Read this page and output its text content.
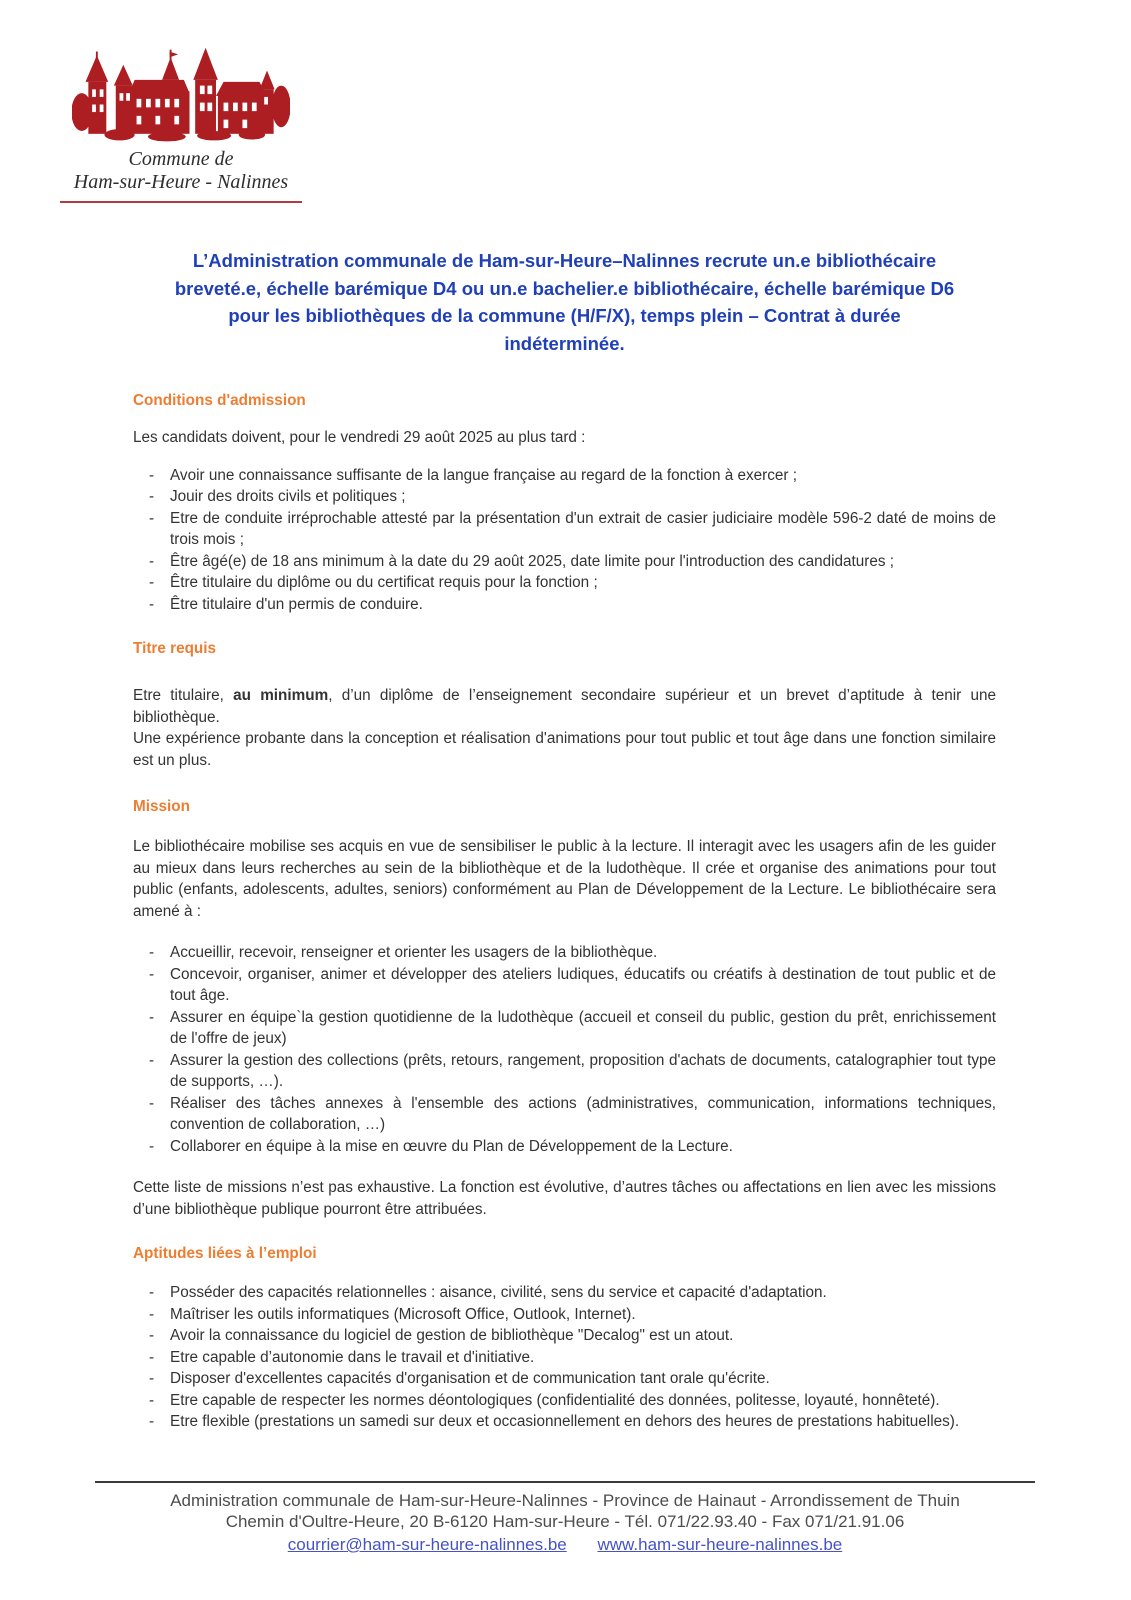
Commune de
Ham-sur-Heure - Nalinnes
L’Administration communale de Ham-sur-Heure–Nalinnes recrute un.e bibliothécaire
breveté.e, échelle barémique D4 ou un.e bachelier.e bibliothécaire, échelle barémique D6
pour les bibliothèques de la commune (H/F/X), temps plein – Contrat à durée
indéterminée.
Conditions d'admission

Les candidats doivent, pour le vendredi 29 août 2025 au plus tard :

- Avoir une connaissance suffisante de la langue française au regard de la fonction à exercer ;
- Jouir des droits civils et politiques ;
- Etre de conduite irréprochable attesté par la présentation d'un extrait de casier judiciaire modèle 596-2 daté de moins de trois mois ;
- Être âgé(e) de 18 ans minimum à la date du 29 août 2025, date limite pour l'introduction des candidatures ;
- Être titulaire du diplôme ou du certificat requis pour la fonction ;
- Être titulaire d'un permis de conduire.
Titre requis

Etre titulaire, au minimum, d’un diplôme de l’enseignement secondaire supérieur et un brevet d’aptitude à tenir une bibliothèque.

Une expérience probante dans la conception et réalisation d'animations pour tout public et tout âge dans une fonction similaire est un plus.

Mission

Le bibliothécaire mobilise ses acquis en vue de sensibiliser le public à la lecture. Il interagit avec les usagers afin de les guider au mieux dans leurs recherches au sein de la bibliothèque et de la ludothèque. Il crée et organise des animations pour tout public (enfants, adolescents, adultes, seniors) conformément au Plan de Développement de la Lecture. Le bibliothécaire sera amené à :

- Accueillir, recevoir, renseigner et orienter les usagers de la bibliothèque.
- Concevoir, organiser, animer et développer des ateliers ludiques, éducatifs ou créatifs à destination de tout public et de tout âge.
- Assurer en équipe`la gestion quotidienne de la ludothèque (accueil et conseil du public, gestion du prêt, enrichissement de l'offre de jeux)
- Assurer la gestion des collections (prêts, retours, rangement, proposition d'achats de documents, catalographier tout type de supports, …).
- Réaliser des tâches annexes à l'ensemble des actions (administratives, communication, informations techniques, convention de collaboration, …)
- Collaborer en équipe à la mise en œuvre du Plan de Développement de la Lecture.

Cette liste de missions n’est pas exhaustive. La fonction est évolutive, d’autres tâches ou affectations en lien avec les missions d’une bibliothèque publique pourront être attribuées.

Aptitudes liées à l’emploi
- Posséder des capacités relationnelles : aisance, civilité, sens du service et capacité d'adaptation.
- Maîtriser les outils informatiques (Microsoft Office, Outlook, Internet).
- Avoir la connaissance du logiciel de gestion de bibliothèque "Decalog" est un atout.
- Etre capable d’autonomie dans le travail et d'initiative.
- Disposer d'excellentes capacités d'organisation et de communication tant orale qu'écrite.
- Etre capable de respecter les normes déontologiques (confidentialité des données, politesse, loyauté, honnêteté).
- Etre flexible (prestations un samedi sur deux et occasionnellement en dehors des heures de prestations habituelles).
Administration communale de Ham-sur-Heure-Nalinnes - Province de Hainaut - Arrondissement de Thuin
Chemin d'Oultre-Heure, 20 B-6120 Ham-sur-Heure - Tél. 071/22.93.40 - Fax 071/21.91.06
courrier@ham-sur-heure-nalinnes.be www.ham-sur-heure-nalinnes.be
